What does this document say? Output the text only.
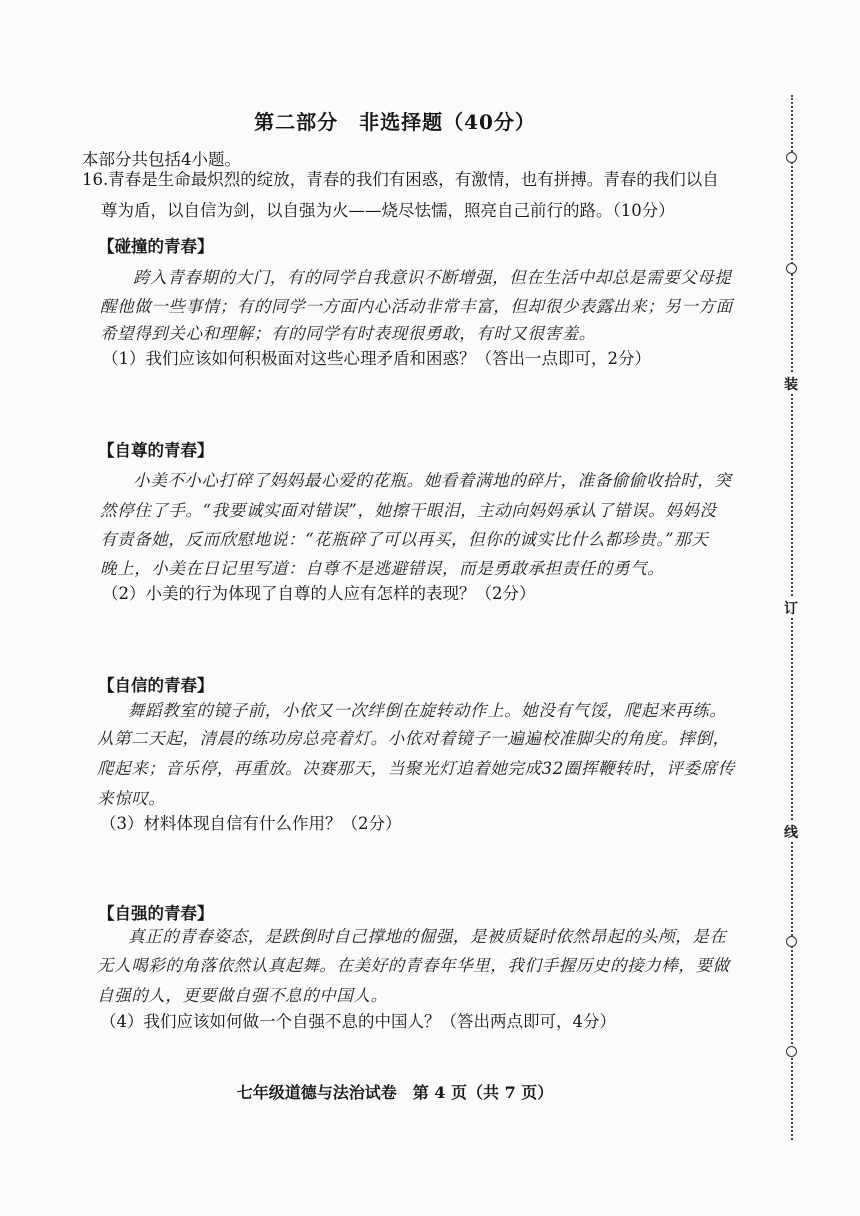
第二部分　非选择题（40分）
本部分共包括4小题。
16.青春是生命最炽烈的绽放，青春的我们有困惑，有激情，也有拼搏。青春的我们以自
尊为盾，以自信为剑，以自强为火——烧尽怯懦，照亮自己前行的路。（10分）
【碰撞的青春】
跨入青春期的大门，有的同学自我意识不断增强，但在生活中却总是需要父母提
醒他做一些事情；有的同学一方面内心活动非常丰富，但却很少表露出来；另一方面
希望得到关心和理解；有的同学有时表现很勇敢，有时又很害羞。
（1）我们应该如何积极面对这些心理矛盾和困惑？（答出一点即可，2分）
【自尊的青春】
小美不小心打碎了妈妈最心爱的花瓶。她看着满地的碎片，准备偷偷收拾时，突
然停住了手。“我要诚实面对错误”，她擦干眼泪，主动向妈妈承认了错误。妈妈没
有责备她，反而欣慰地说：“花瓶碎了可以再买，但你的诚实比什么都珍贵。”那天
晚上，小美在日记里写道：自尊不是逃避错误，而是勇敢承担责任的勇气。
（2）小美的行为体现了自尊的人应有怎样的表现？（2分）
【自信的青春】
舞蹈教室的镜子前，小依又一次绊倒在旋转动作上。她没有气馁，爬起来再练。
从第二天起，清晨的练功房总亮着灯。小依对着镜子一遍遍校准脚尖的角度。摔倒，
爬起来；音乐停，再重放。决赛那天，当聚光灯追着她完成32圈挥鞭转时，评委席传
来惊叹。
（3）材料体现自信有什么作用？（2分）
【自强的青春】
真正的青春姿态，是跌倒时自己撑地的倔强，是被质疑时依然昂起的头颅，是在
无人喝彩的角落依然认真起舞。在美好的青春年华里，我们手握历史的接力棒，要做
自强的人，更要做自强不息的中国人。
（4）我们应该如何做一个自强不息的中国人？（答出两点即可，4分）
七年级道德与法治试卷　第 4 页（共 7 页）
装
订
线
